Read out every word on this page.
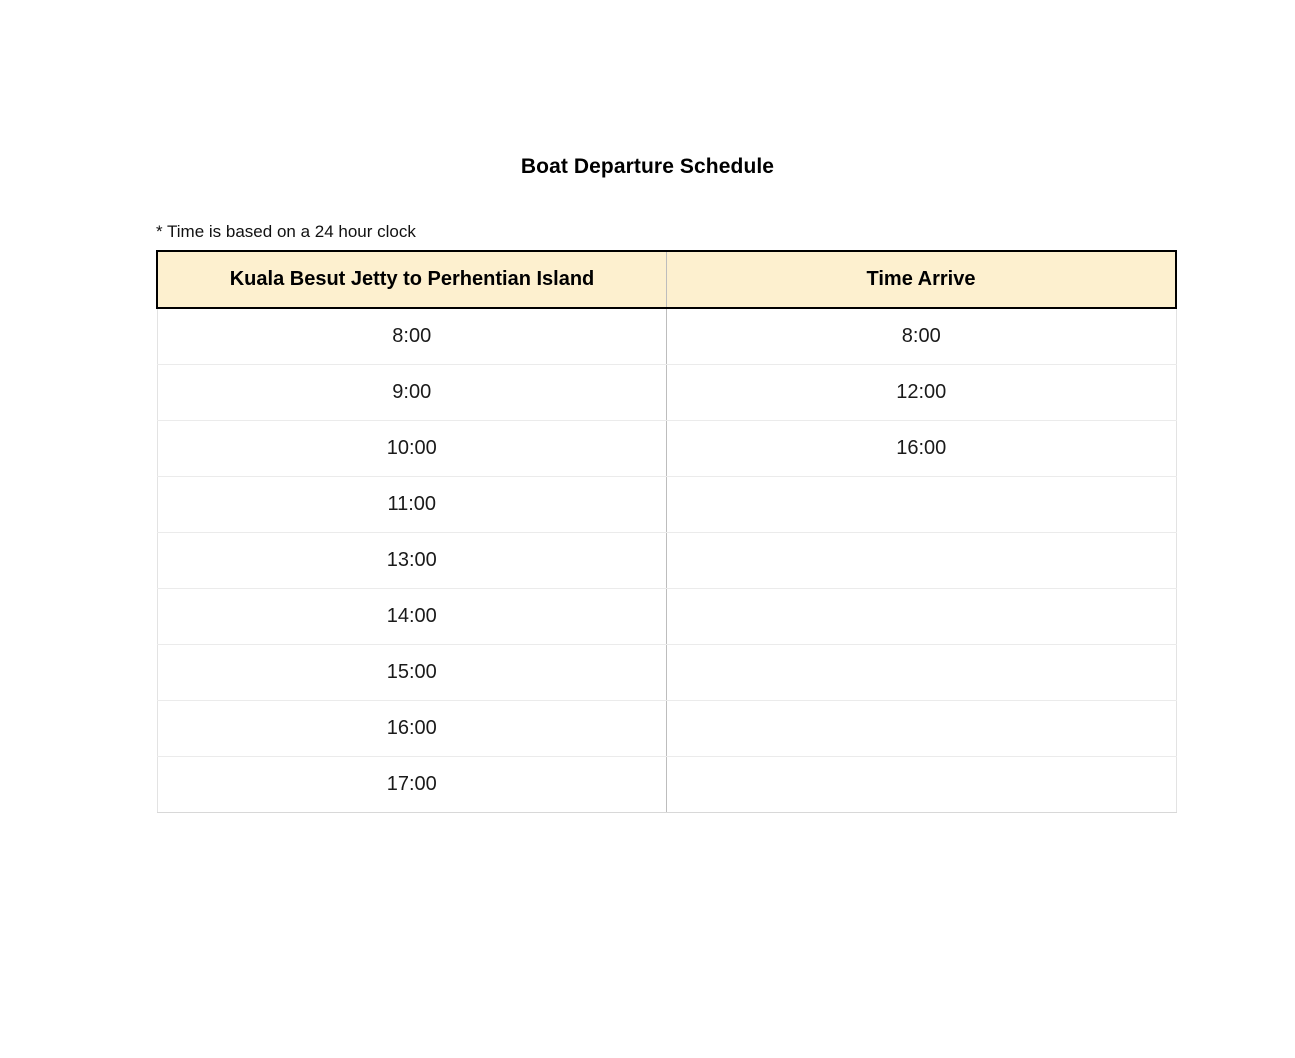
Boat Departure Schedule
* Time is based on a 24 hour clock
Kuala Besut Jetty to Perhentian Island	Time Arrive
8:00	8:00
9:00	12:00
10:00	16:00
11:00	
13:00	
14:00	
15:00	
16:00	
17:00	
